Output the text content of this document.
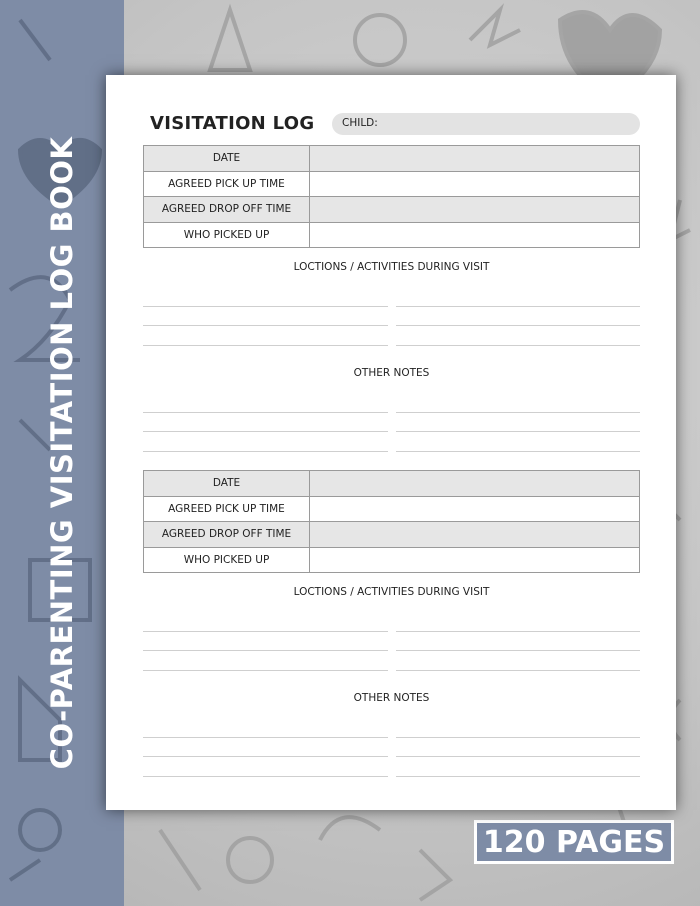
CO-PARENTING VISITATION LOG BOOK
120 PAGES
VISITATION LOG	CHILD:
DATE	
AGREED PICK UP TIME	
AGREED DROP OFF TIME	
WHO PICKED UP	
LOCTIONS / ACTIVITIES DURING VISIT
OTHER NOTES
DATE	
AGREED PICK UP TIME	
AGREED DROP OFF TIME	
WHO PICKED UP	
LOCTIONS / ACTIVITIES DURING VISIT
OTHER NOTES
